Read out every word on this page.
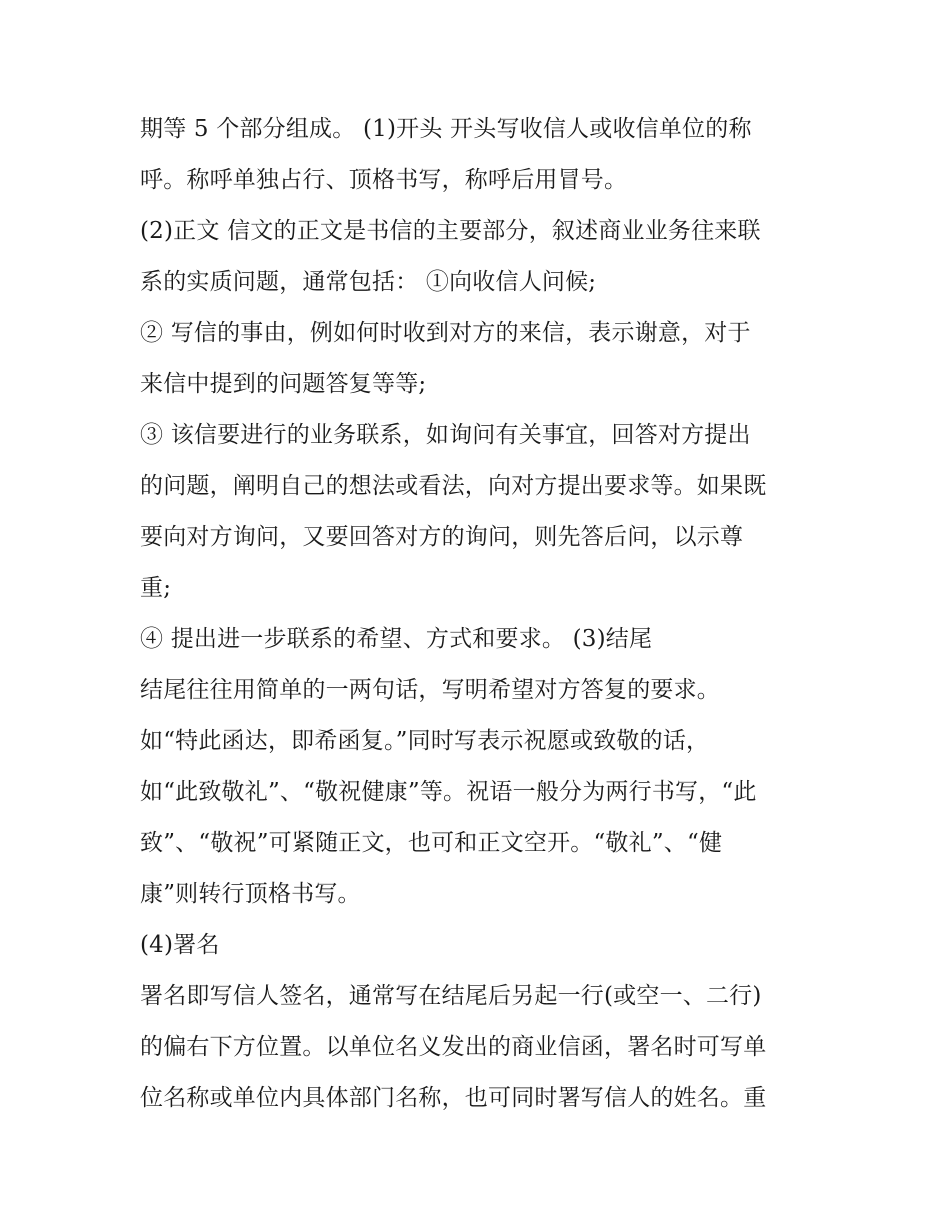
期等 5 个部分组成。 (1)开头 开头写收信人或收信单位的称
呼。称呼单独占行、顶格书写，称呼后用冒号。
(2)正文 信文的正文是书信的主要部分，叙述商业业务往来联
系的实质问题，通常包括： ①向收信人问候;
② 写信的事由，例如何时收到对方的来信，表示谢意，对于
来信中提到的问题答复等等;
③ 该信要进行的业务联系，如询问有关事宜，回答对方提出
的问题，阐明自己的想法或看法，向对方提出要求等。如果既
要向对方询问，又要回答对方的询问，则先答后问，以示尊
重;
④ 提出进一步联系的希望、方式和要求。 (3)结尾
结尾往往用简单的一两句话，写明希望对方答复的要求。
如“特此函达，即希函复。”同时写表示祝愿或致敬的话，
如“此致敬礼”、“敬祝健康”等。祝语一般分为两行书写，“此
致”、“敬祝”可紧随正文，也可和正文空开。“敬礼”、“健
康”则转行顶格书写。
(4)署名
署名即写信人签名，通常写在结尾后另起一行(或空一、二行)
的偏右下方位置。以单位名义发出的商业信函，署名时可写单
位名称或单位内具体部门名称，也可同时署写信人的姓名。重
